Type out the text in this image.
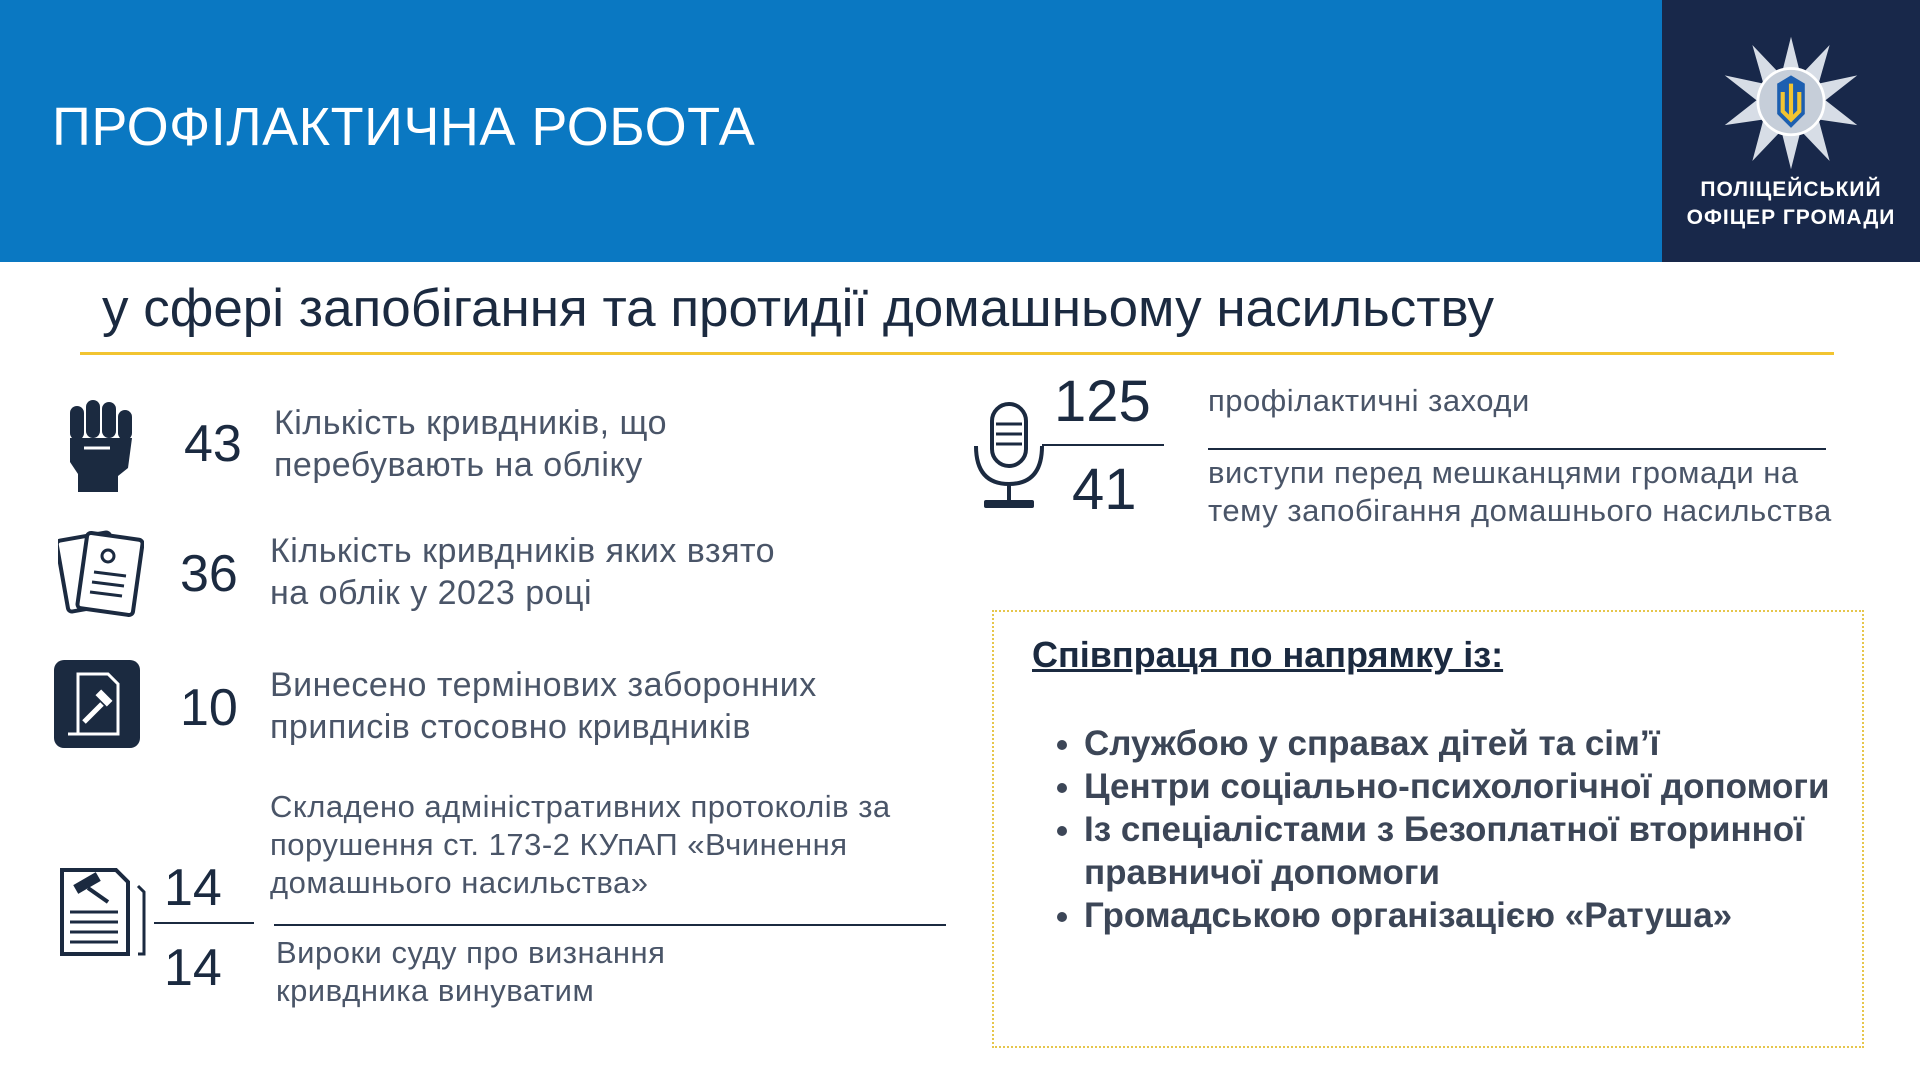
ПРОФІЛАКТИЧНА РОБОТА
ПОЛІЦЕЙСЬКИЙ
ОФІЦЕР ГРОМАДИ
у сфері запобігання та протидії домашньому насильству
43 Кількість кривдників, що перебувають на обліку
36 Кількість кривдників яких взято на облік у 2023 році
10 Винесено термінових заборонних приписів стосовно кривдників
14
14
Складено адміністративних протоколів за порушення ст. 173-2 КУпАП «Вчинення домашнього насильства»
Вироки суду про визнання кривдника винуватим
125
41
профілактичні заходи
виступи перед мешканцями громади на тему запобігання домашнього насильства
Співпраця по напрямку із:
• Службою у справах дітей та сім’ї
• Центри соціально-психологічної допомоги
• Із спеціалістами з Безоплатної вторинної правничої допомоги
• Громадською організацією «Ратуша»
